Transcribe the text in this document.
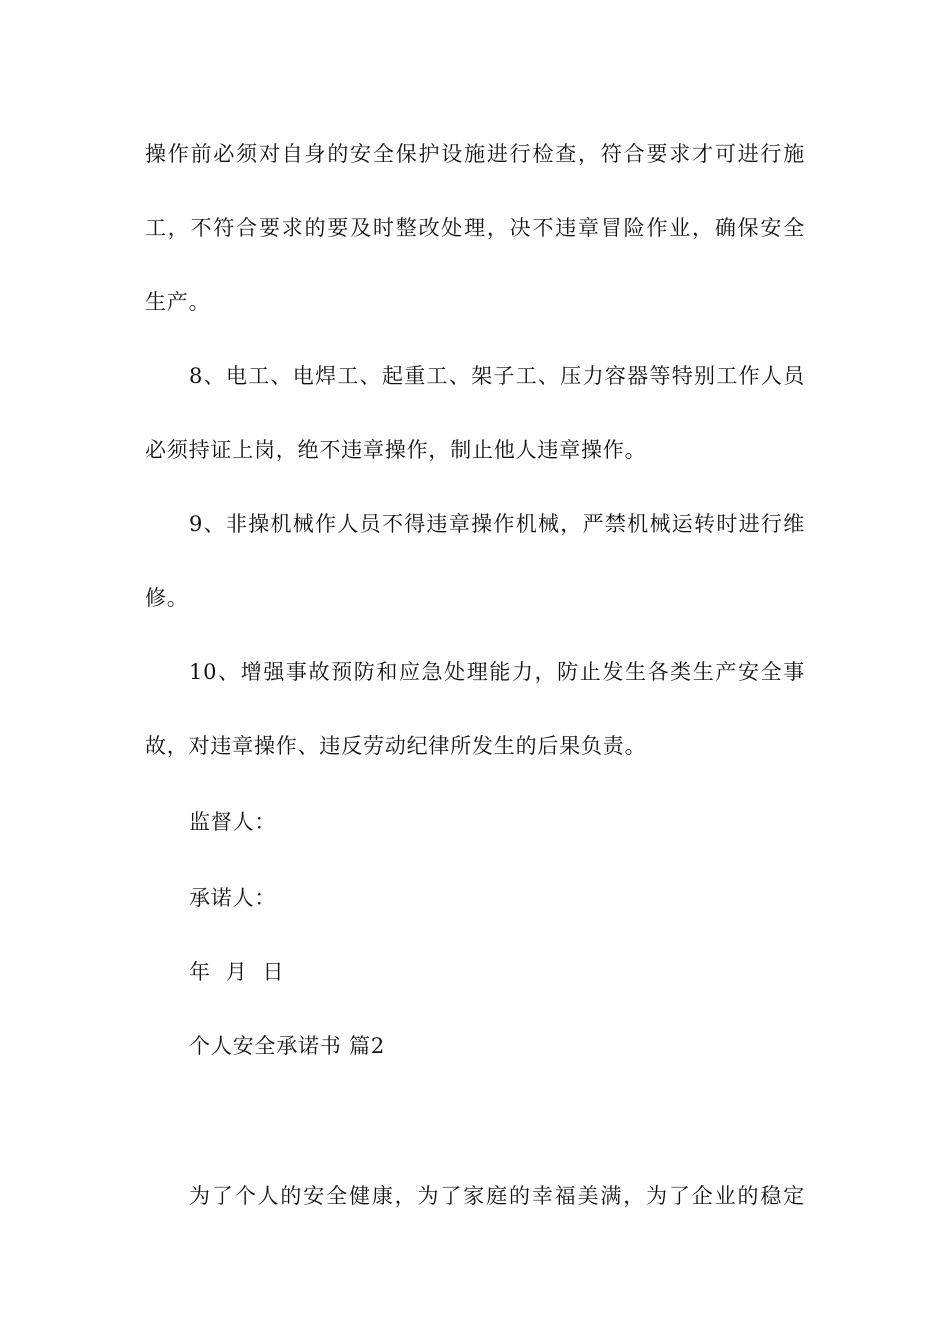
操作前必须对自身的安全保护设施进行检查，符合要求才可进行施
工，不符合要求的要及时整改处理，决不违章冒险作业，确保安全
生产。
8、电工、电焊工、起重工、架子工、压力容器等特别工作人员
必须持证上岗，绝不违章操作，制止他人违章操作。
9、非操机械作人员不得违章操作机械，严禁机械运转时进行维
修。
10、增强事故预防和应急处理能力，防止发生各类生产安全事
故，对违章操作、违反劳动纪律所发生的后果负责。
监督人：
承诺人：
年  月  日
个人安全承诺书 篇2
为了个人的安全健康，为了家庭的幸福美满，为了企业的稳定
